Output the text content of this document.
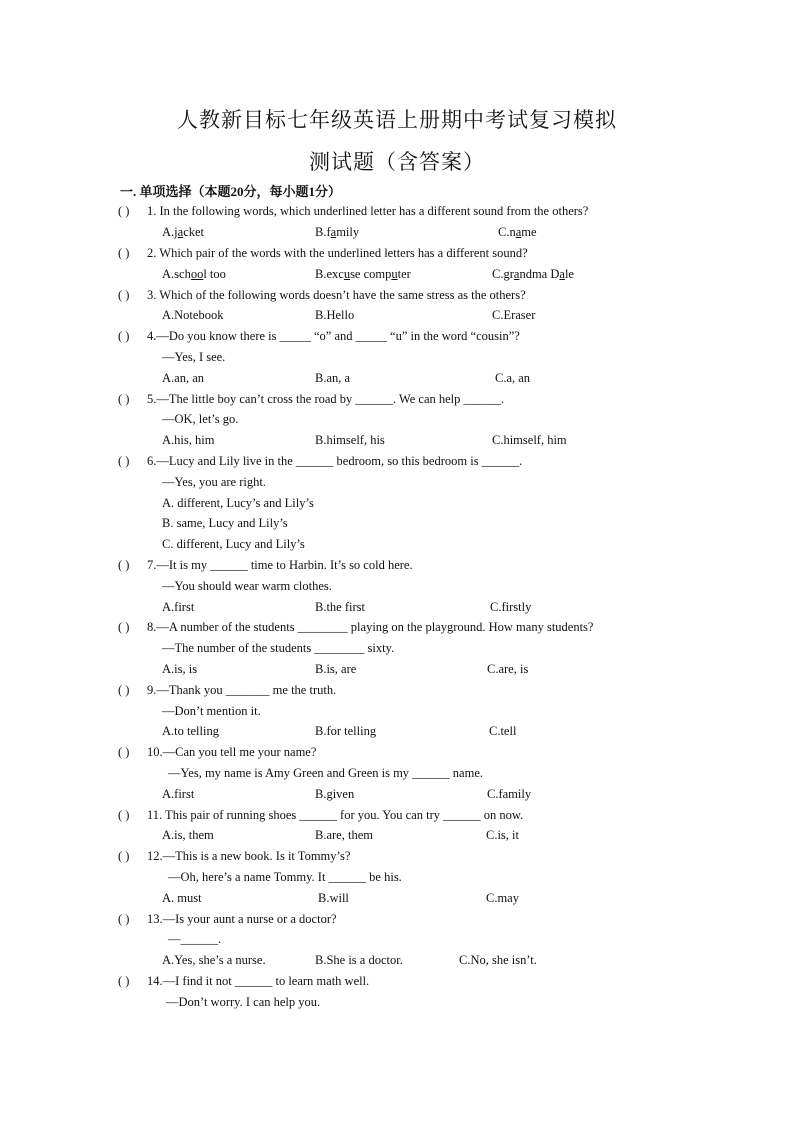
人教新目标七年级英语上册期中考试复习模拟
测试题（含答案）
一. 单项选择（本题20分，每小题1分）
( ) 1. In the following words, which underlined letter has a different sound from the others?
A.jacket	B.family	C.name
( ) 2. Which pair of the words with the underlined letters has a different sound?
A.school too	B.excuse computer	C.grandma Dale
( ) 3. Which of the following words doesn’t have the same stress as the others?
A.Notebook	B.Hello	C.Eraser
( ) 4.—Do you know there is _____ “o” and _____ “u” in the word “cousin”?
—Yes, I see.
A.an, an	B.an, a	C.a, an
( ) 5.—The little boy can’t cross the road by ______. We can help ______.
—OK, let’s go.
A.his, him	B.himself, his	C.himself, him
( ) 6.—Lucy and Lily live in the ______ bedroom, so this bedroom is ______.
—Yes, you are right.
A. different, Lucy’s and Lily’s
B. same, Lucy and Lily’s
C. different, Lucy and Lily’s
( ) 7.—It is my ______ time to Harbin. It’s so cold here.
—You should wear warm clothes.
A.first	B.the first	C.firstly
( ) 8.—A number of the students ________ playing on the playground. How many students?
—The number of the students ________ sixty.
A.is, is	B.is, are	C.are, is
( ) 9.—Thank you _______ me the truth.
—Don’t mention it.
A.to telling	B.for telling	C.tell
( ) 10.—Can you tell me your name?
—Yes, my name is Amy Green and Green is my ______ name.
A.first	B.given	C.family
( ) 11. This pair of running shoes ______ for you. You can try ______ on now.
A.is, them	B.are, them	C.is, it
( ) 12.—This is a new book. Is it Tommy’s?
—Oh, here’s a name Tommy. It ______ be his.
A. must	B.will	C.may
( ) 13.—Is your aunt a nurse or a doctor?
—______.
A.Yes, she’s a nurse.	B.She is a doctor.	C.No, she isn’t.
( ) 14.—I find it not ______ to learn math well.
—Don’t worry. I can help you.
